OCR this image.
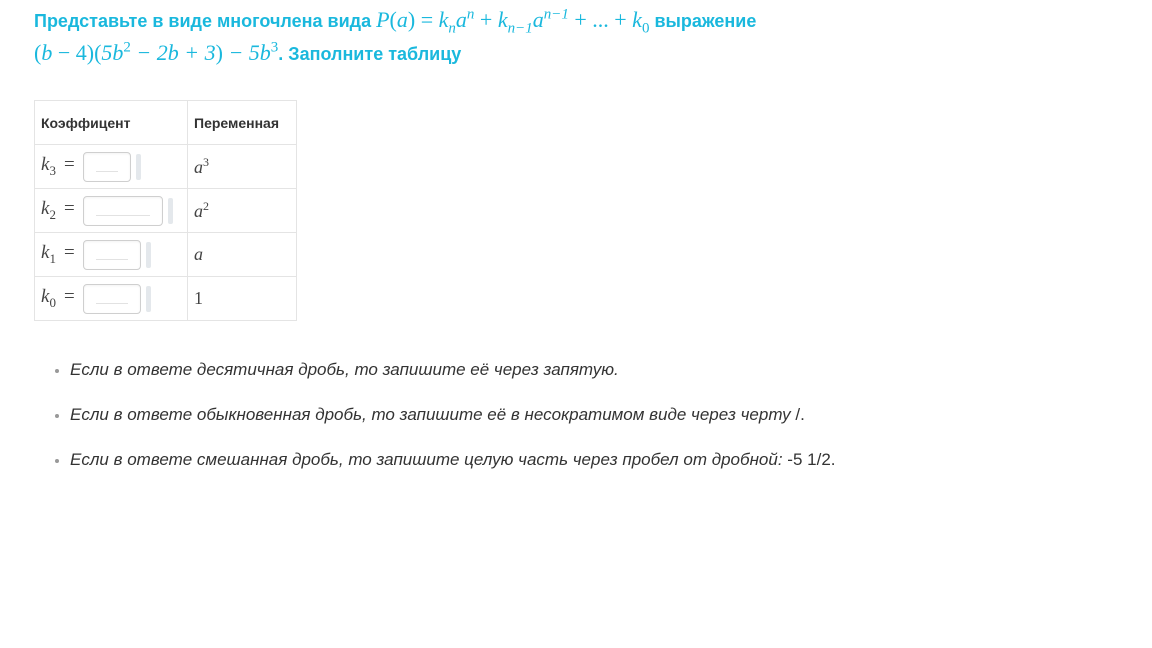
Представьте в виде многочлена вида $P(a) = k_na^n + k_{n-1}a^{n-1}$ + ... + $k_0$ выражение
$(b - 4)(5b^2 - 2b + 3) - 5b^3$. Заполните таблицу
Коэффицент	Переменная

$k_3$ =	$a^3$

$k_2$ =	$a^2$

$k_1$ =	a

$k_0$ =	1
• Если в ответе десятичная дробь, то запишите её через запятую.
• Если в ответе обыкновенная дробь, то запишите её в несократимом виде через черту /.
• Если в ответе смешанная дробь, то запишите целую часть через пробел от дробной: -5 1/2.
